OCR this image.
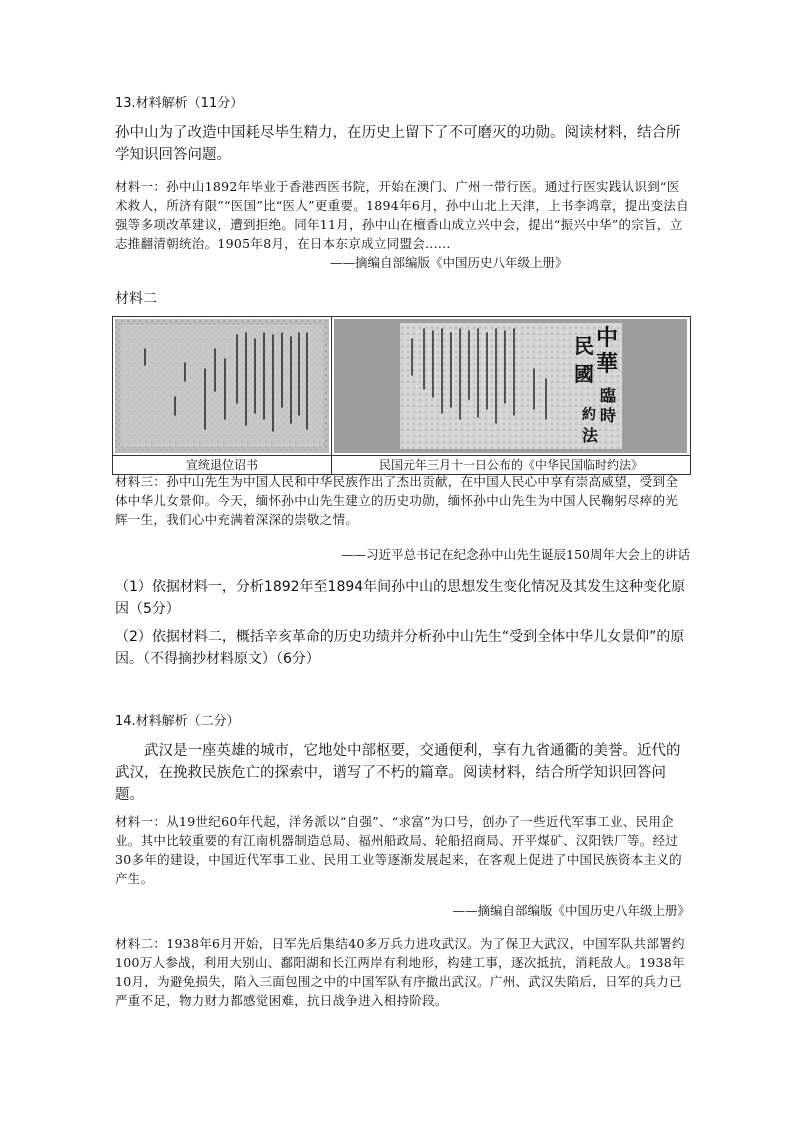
13.材料解析（11分）
孙中山为了改造中国耗尽毕生精力，在历史上留下了不可磨灭的功勋。阅读材料，结合所学知识回答问题。
材料一：孙中山1892年毕业于香港西医书院，开始在澳门、广州一带行医。通过行医实践认识到“医术救人，所济有限”“医国”比“医人”更重要。1894年6月，孙中山北上天津，上书李鸿章，提出变法自强等多项改革建议，遭到拒绝。同年11月，孙中山在檀香山成立兴中会，提出“振兴中华”的宗旨，立志推翻清朝统治。1905年8月，在日本东京成立同盟会......
——摘编自部编版《中国历史八年级上册》
材料二
宣统退位诏书
中
民
華
國
臨
時
約
法
民国元年三月十一日公布的《中华民国临时约法》
材料三：孙中山先生为中国人民和中华民族作出了杰出贡献，在中国人民心中享有崇高威望，受到全体中华儿女景仰。今天，缅怀孙中山先生建立的历史功勋，缅怀孙中山先生为中国人民鞠躬尽瘁的光辉一生，我们心中充满着深深的崇敬之情。
——习近平总书记在纪念孙中山先生诞辰150周年大会上的讲话
（1）依据材料一，分析1892年至1894年间孙中山的思想发生变化情况及其发生这种变化原因（5分）
（2）依据材料二，概括辛亥革命的历史功绩并分析孙中山先生“受到全体中华儿女景仰”的原因。（不得摘抄材料原文）（6分）
14.材料解析（二分）
武汉是一座英雄的城市，它地处中部枢要，交通便利，享有九省通衢的美誉。近代的武汉，在挽救民族危亡的探索中，谱写了不朽的篇章。阅读材料，结合所学知识回答问题。
材料一：从19世纪60年代起，洋务派以“自强”、“求富”为口号，创办了一些近代军事工业、民用企业。其中比较重要的有江南机器制造总局、福州船政局、轮船招商局、开平煤矿、汉阳铁厂等。经过30多年的建设，中国近代军事工业、民用工业等逐渐发展起来，在客观上促进了中国民族资本主义的产生。
——摘编自部编版《中国历史八年级上册》
材料二：1938年6月开始，日军先后集结40多万兵力进攻武汉。为了保卫大武汉，中国军队共部署约100万人参战，利用大别山、鄱阳湖和长江两岸有利地形，构建工事，逐次抵抗，消耗敌人。1938年10月，为避免损失，陷入三面包围之中的中国军队有序撤出武汉。广州、武汉失陷后，日军的兵力已严重不足，物力财力都感觉困难，抗日战争进入相持阶段。
